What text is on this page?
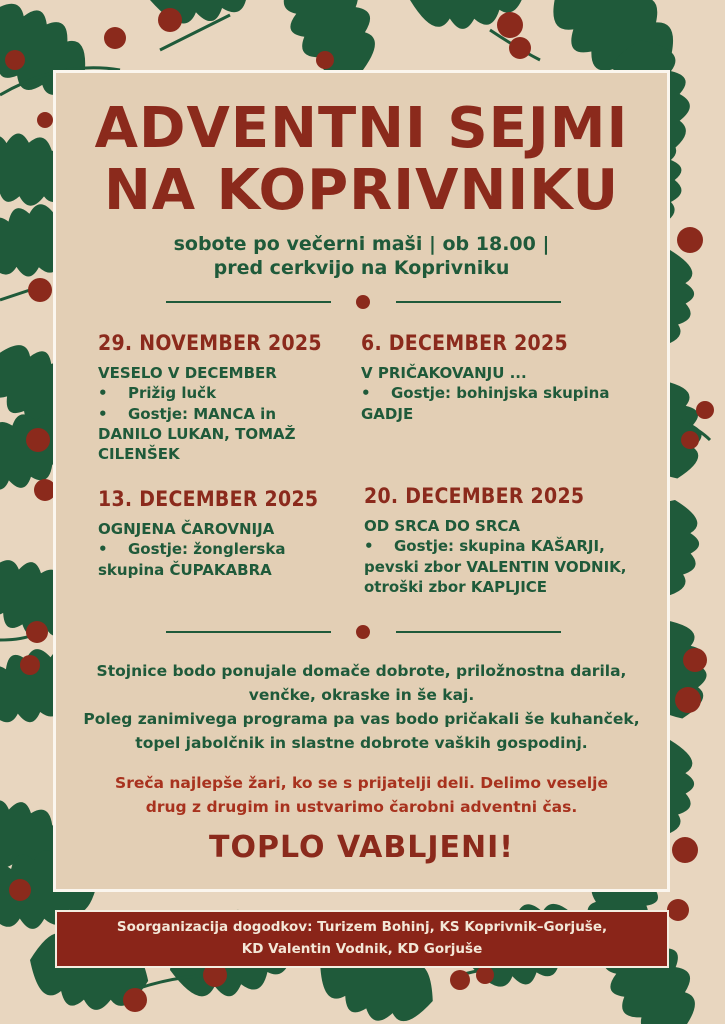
ADVENTNI SEJMI
NA KOPRIVNIKU
sobote po večerni maši | ob 18.00 |
pred cerkvijo na Koprivniku
29. NOVEMBER 2025
VESELO V DECEMBER
• Prižig lučk
• Gostje: MANCA in
DANILO LUKAN, TOMAŽ
CILENŠEK
6. DECEMBER 2025
V PRIČAKOVANJU ...
• Gostje: bohinjska skupina
GADJE
13. DECEMBER 2025
OGNJENA ČAROVNIJA
• Gostje: žonglerska
skupina ČUPAKABRA
20. DECEMBER 2025
OD SRCA DO SRCA
• Gostje: skupina KAŠARJI,
pevski zbor VALENTIN VODNIK,
otroški zbor KAPLJICE
Stojnice bodo ponujale domače dobrote, priložnostna darila,
venčke, okraske in še kaj.
Poleg zanimivega programa pa vas bodo pričakali še kuhanček,
topel jabolčnik in slastne dobrote vaških gospodinj.
Sreča najlepše žari, ko se s prijatelji deli. Delimo veselje
drug z drugim in ustvarimo čarobni adventni čas.
TOPLO VABLJENI!
Soorganizacija dogodkov: Turizem Bohinj, KS Koprivnik–Gorjuše,
KD Valentin Vodnik, KD Gorjuše
